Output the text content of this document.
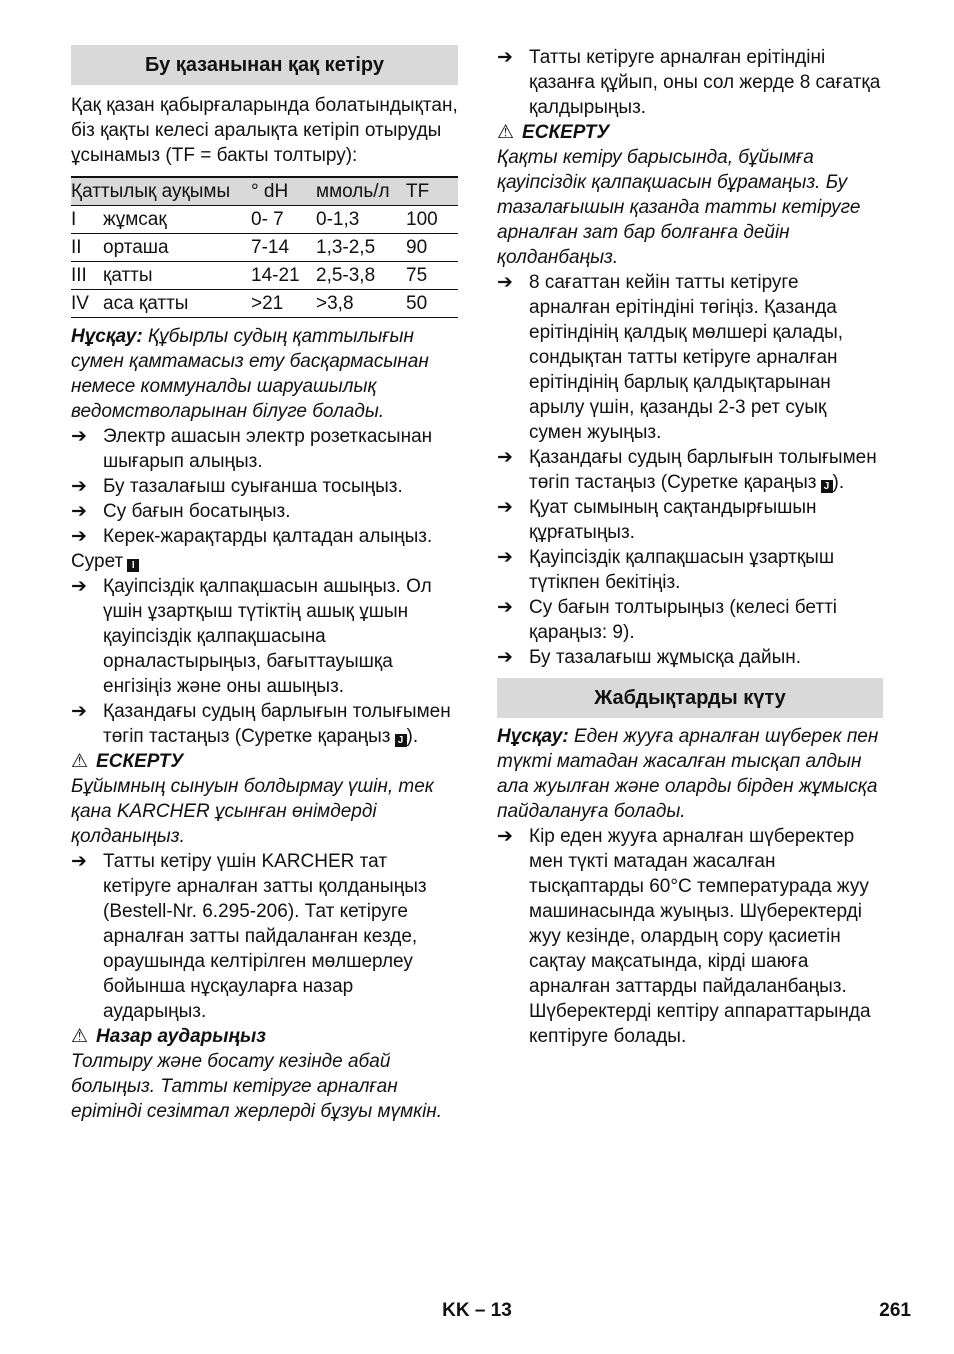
Бу қазанынан қақ кетіру

Қақ қазан қабырғаларында болатындықтан, біз қақты келесі аралықта кетіріп отыруды ұсынамыз (TF = бакты толтыру):

Қаттылық ауқымы		° dH	ммоль/л	TF
I	жұмсақ	0- 7	0-1,3	100
II	орташа	7-14	1,3-2,5	90
III	қатты	14-21	2,5-3,8	75
IV	аса қатты	>21	>3,8	50

Нұсқау: Құбырлы судың қаттылығын сумен қамтамасыз ету басқармасынан немесе коммуналды шаруашылық ведомстволарынан білуге болады.

➔ Электр ашасын электр розеткасынан шығарып алыңыз.
➔ Бу тазалағыш суығанша тосыңыз.
➔ Су бағын босатыңыз.
➔ Керек-жарақтарды қалтадан алыңыз.

Сурет I

➔ Қауіпсіздік қалпақшасын ашыңыз. Ол үшін ұзартқыш түтіктің ашық ұшын қауіпсіздік қалпақшасына орналастырыңыз, бағыттауышқа енгізіңіз және оны ашыңыз.
➔ Қазандағы судың барлығын толығымен төгіп тастаңыз (Суретке қараңыз J ).

⚠ ЕСКЕРТУ

Бұйымның сынуын болдырмау үшін, тек қана KARCHER ұсынған өнімдерді қолданыңыз.

➔ Татты кетіру үшін KARCHER тат кетіруге арналған затты қолданыңыз (Bestell-Nr. 6.295-206). Тат кетіруге арналған затты пайдаланған кезде, ораушында келтірілген мөлшерлеу бойынша нұсқауларға назар аударыңыз.

⚠ Назар аударыңыз

Толтыру және босату кезінде абай болыңыз. Татты кетіруге арналған ерітінді сезімтал жерлерді бұзуы мүмкін.

➔ Татты кетіруге арналған ерітіндіні қазанға құйып, оны сол жерде 8 сағатқа қалдырыңыз.

⚠ ЕСКЕРТУ

Қақты кетіру барысында, бұйымға қауіпсіздік қалпақшасын бұрамаңыз. Бу тазалағышын қазанда татты кетіруге арналған зат бар болғанға дейін қолданбаңыз.

➔ 8 сағаттан кейін татты кетіруге арналған ерітіндіні төгіңіз. Қазанда ерітіндінің қалдық мөлшері қалады, сондықтан татты кетіруге арналған ерітіндінің барлық қалдықтарынан арылу үшін, қазанды 2-3 рет суық сумен жуыңыз.
➔ Қазандағы судың барлығын толығымен төгіп тастаңыз (Суретке қараңыз J ).
➔ Қуат сымының сақтандырғышын құрғатыңыз.
➔ Қауіпсіздік қалпақшасын ұзартқыш түтікпен бекітіңіз.
➔ Су бағын толтырыңыз (келесі бетті қараңыз: 9).
➔ Бу тазалағыш жұмысқа дайын.
Жабдықтарды күту

Нұсқау: Еден жууға арналған шүберек пен түкті матадан жасалған тысқап алдын ала жуылған және оларды бірден жұмысқа пайдалануға болады.

➔ Кір еден жууға арналған шүберектер мен түкті матадан жасалған тысқаптарды 60°C температурада жуу машинасында жуыңыз. Шүберектерді жуу кезінде, олардың сору қасиетін сақтау мақсатында, кірді шаюға арналған заттарды пайдаланбаңыз. Шүберектерді кептіру аппараттарында кептіруге болады.
KK – 13	261
